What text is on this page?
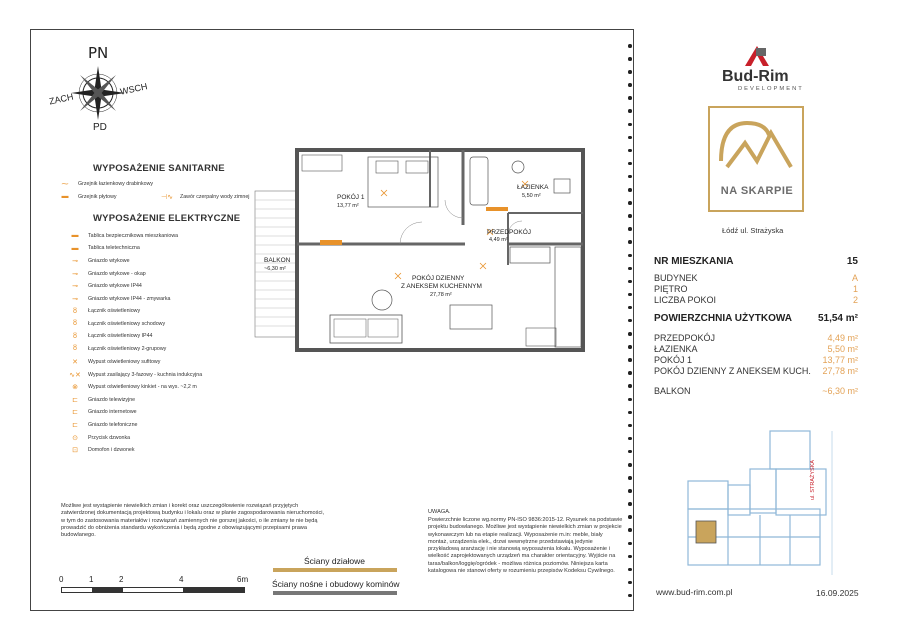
PN
PD
ZACH
WSCH
WYPOSAŻENIE SANITARNE
⁓	Grzejnik łazienkowy drabinkowy
▬	Grzejnik płytowy	⊣∿	Zawór czerpalny wody zimnej
WYPOSAŻENIE ELEKTRYCZNE
▬	Tablica bezpiecznikowa mieszkaniowa
▬	Tablica teletechniczna
⊸	Gniazdo wtykowe
⊸	Gniazdo wtykowe - okap
⊸	Gniazdo wtykowe IP44
⊸	Gniazdo wtykowe IP44 - zmywarka
ȣ	Łącznik oświetleniowy
ȣ	Łącznik oświetleniowy schodowy
ȣ	Łącznik oświetleniowy IP44
ȣ	Łącznik oświetleniowy 2-grupowy
✕	Wypust oświetleniowy sufitowy
∿✕	Wypust zasilający 3-fazowy - kuchnia indukcyjna
⊗	Wypust oświetleniowy kinkiet - na wys. ~2,2 m
⊏	Gniazdo telewizyjne
⊏	Gniazdo internetowe
⊏	Gniazdo telefoniczne
⊙	Przycisk dzwonka
⊡	Domofon i dzwonek
POKÓJ 1
13,77 m²
ŁAZIENKA
5,50 m²
PRZEDPOKÓJ
4,49 m²
BALKON
~6,30 m²
POKÓJ DZIENNY
Z ANEKSEM KUCHENNYM
27,78 m²
Możliwe jest wystąpienie niewielkich zmian i korekt oraz uszczegółowienie rozwiązań przyjętych zatwierdzonej dokumentacją projektową budynku i lokalu oraz w planie zagospodarowania nieruchomości, w tym do zastosowania materiałów i rozwiązań zamiennych nie gorszej jakości, o ile zmiany te nie będą prowadzić do obniżenia standardu wykończenia i będą zgodne z obowiązującymi przepisami prawa budowlanego.
0	1	2	4	6m
Ściany działowe
Ściany nośne i obudowy kominów
UWAGA.
Powierzchnie liczone wg.normy PN-ISO 9836:2015-12. Rysunek na podstawie projektu budowlanego. Możliwe jest wystąpienie niewielkich zmian w projekcie wykonawczym lub na etapie realizacji. Wyposażenie m.in: meble, biały montaż, urządzenia elek., drzwi wewnętrzne przedstawiają jedynie przykładową aranżację i nie stanowią wyposażenia lokalu. Wyposażenie i wielkość zaprojektowanych urządzeń ma charakter orientacyjny. Wyjście na taras/balkon/loggię/ogródek - możliwa różnica poziomów. Niniejsza karta katalogowa nie stanowi oferty w rozumieniu przepisów Kodeksu Cywilnego.
Bud-Rim
DEVELOPMENT
NA SKARPIE
Łódź ul. Strażyska
NR MIESZKANIA	15
BUDYNEK	A
PIĘTRO	1
LICZBA POKOI	2
POWIERZCHNIA UŻYTKOWA	51,54 m²
PRZEDPOKÓJ	4,49 m²
ŁAZIENKA	5,50 m²
POKÓJ 1	13,77 m²
POKÓJ DZIENNY Z ANEKSEM KUCH.	27,78 m²
BALKON	~6,30 m²
ul. STRAŻYSKA
www.bud-rim.com.pl	16.09.2025
